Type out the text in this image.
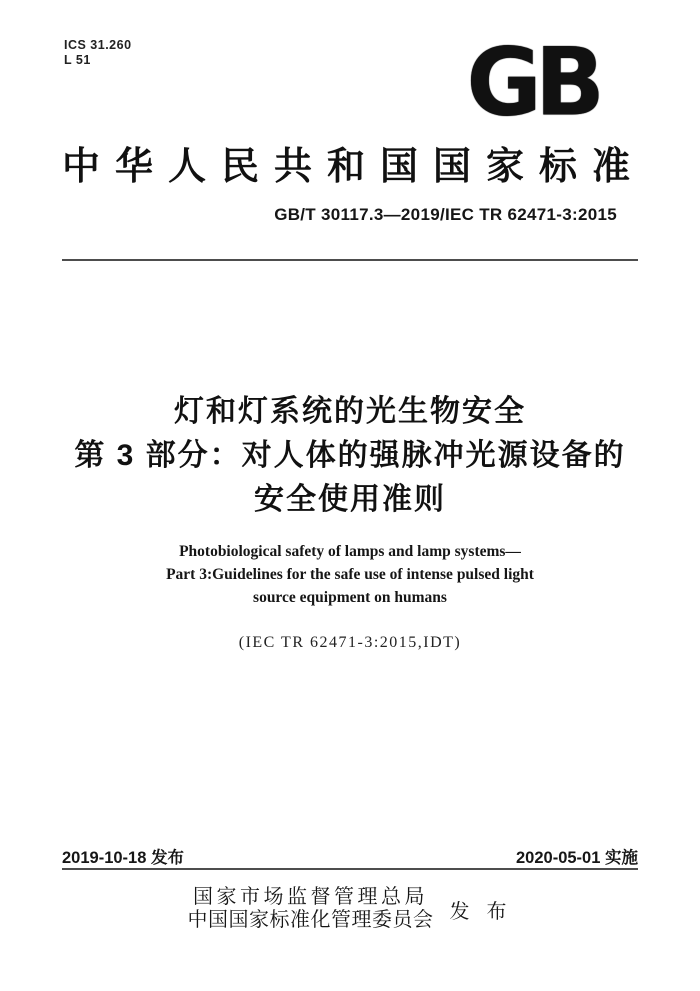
ICS 31.260
L 51	GB
中华人民共和国国家标准
GB/T 30117.3—2019/IEC TR 62471-3:2015
灯和灯系统的光生物安全
第 3 部分：对人体的强脉冲光源设备的
安全使用准则
Photobiological safety of lamps and lamp systems—
Part 3:Guidelines for the safe use of intense pulsed light
source equipment on humans
(IEC TR 62471-3:2015,IDT)
2019-10-18 发布	2020-05-01 实施
国家市场监督管理总局
中国国家标准化管理委员会 发 布
